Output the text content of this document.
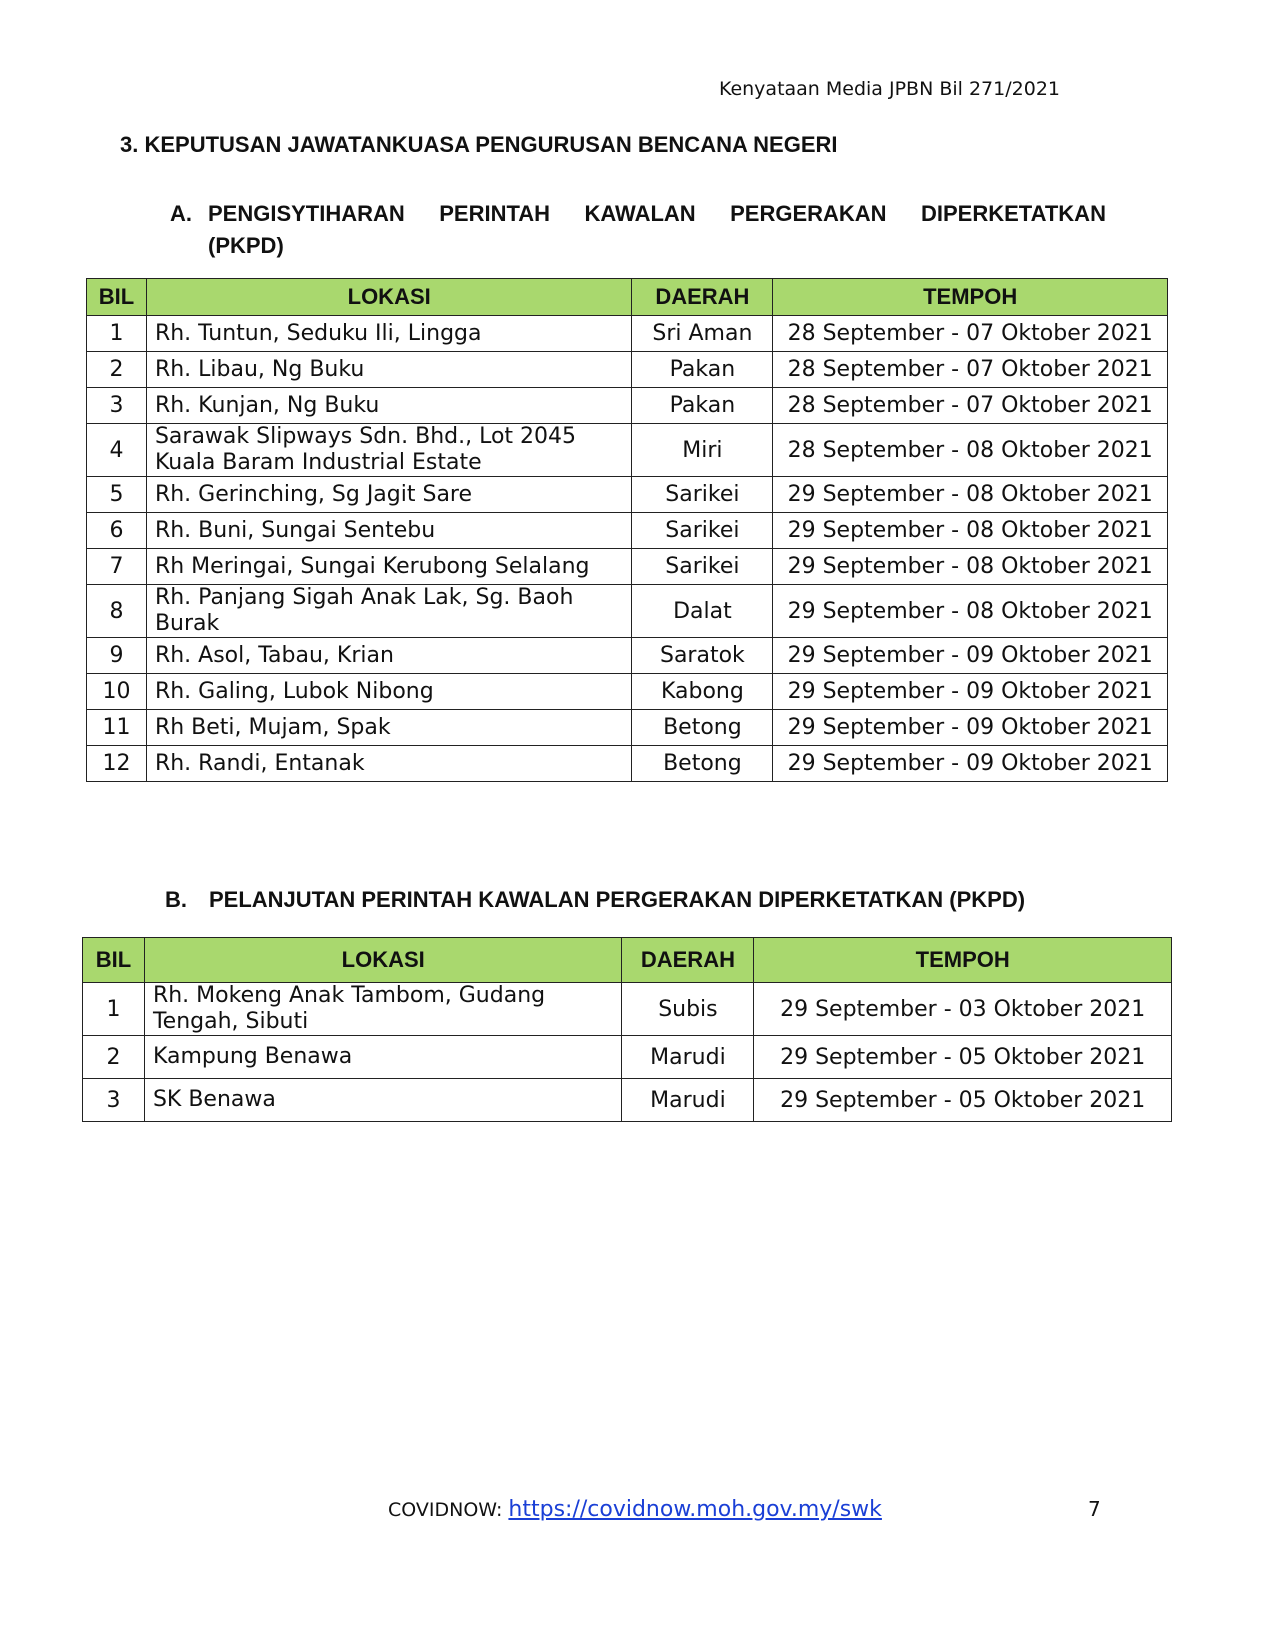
Kenyataan Media JPBN Bil 271/2021
3. KEPUTUSAN JAWATANKUASA PENGURUSAN BENCANA NEGERI
A. PENGISYTIHARAN PERINTAH KAWALAN PERGERAKAN DIPERKETATKAN
(PKPD)
BIL	LOKASI	DAERAH	TEMPOH
1	Rh. Tuntun, Seduku Ili, Lingga	Sri Aman	28 September - 07 Oktober 2021
2	Rh. Libau, Ng Buku	Pakan	28 September - 07 Oktober 2021
3	Rh. Kunjan, Ng Buku	Pakan	28 September - 07 Oktober 2021
4	Sarawak Slipways Sdn. Bhd., Lot 2045 Kuala Baram Industrial Estate	Miri	28 September - 08 Oktober 2021
5	Rh. Gerinching, Sg Jagit Sare	Sarikei	29 September - 08 Oktober 2021
6	Rh. Buni, Sungai Sentebu	Sarikei	29 September - 08 Oktober 2021
7	Rh Meringai, Sungai Kerubong Selalang	Sarikei	29 September - 08 Oktober 2021
8	Rh. Panjang Sigah Anak Lak, Sg. Baoh Burak	Dalat	29 September - 08 Oktober 2021
9	Rh. Asol, Tabau, Krian	Saratok	29 September - 09 Oktober 2021
10	Rh. Galing, Lubok Nibong	Kabong	29 September - 09 Oktober 2021
11	Rh Beti, Mujam, Spak	Betong	29 September - 09 Oktober 2021
12	Rh. Randi, Entanak	Betong	29 September - 09 Oktober 2021
B. PELANJUTAN PERINTAH KAWALAN PERGERAKAN DIPERKETATKAN (PKPD)
BIL	LOKASI	DAERAH	TEMPOH
1	Rh. Mokeng Anak Tambom, Gudang Tengah, Sibuti	Subis	29 September - 03 Oktober 2021
2	Kampung Benawa	Marudi	29 September - 05 Oktober 2021
3	SK Benawa	Marudi	29 September - 05 Oktober 2021
COVIDNOW: https://covidnow.moh.gov.my/swk	7
